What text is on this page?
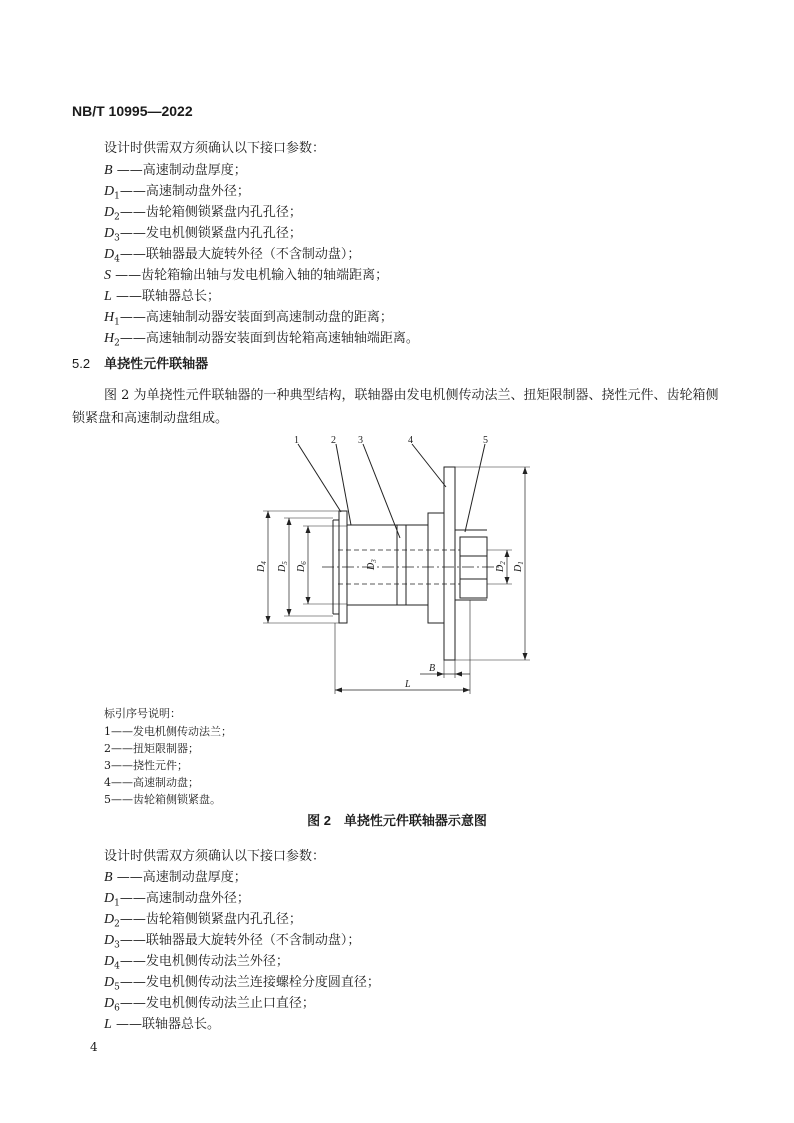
NB/T 10995—2022
设计时供需双方须确认以下接口参数：
B ——高速制动盘厚度；
$D_1——$高速制动盘外径；
$D_2——$齿轮箱侧锁紧盘内孔孔径；
$D_3——$发电机侧锁紧盘内孔孔径；
$D_4——$联轴器最大旋转外径（不含制动盘）；
S ——齿轮箱输出轴与发电机输入轴的轴端距离；
L ——联轴器总长；
$H_1——$高速轴制动器安装面到高速制动盘的距离；
$H_2——$高速轴制动器安装面到齿轮箱高速轴轴端距离。
5.2 单挠性元件联轴器
图 2 为单挠性元件联轴器的一种典型结构，联轴器由发电机侧传动法兰、扭矩限制器、挠性元件、齿轮箱侧锁紧盘和高速制动盘组成。
1	2 3	4	5
$D_4$
$D_5$
$D_6$	$D_3$
$D_2$
$D_1$
B
L
标引序号说明：
1——发电机侧传动法兰；
2——扭矩限制器；
3——挠性元件；
4——高速制动盘；
5——齿轮箱侧锁紧盘。
图 2　单挠性元件联轴器示意图
设计时供需双方须确认以下接口参数：
B ——高速制动盘厚度；
$D_1——$高速制动盘外径；
$D_2——$齿轮箱侧锁紧盘内孔孔径；
$D_3——$联轴器最大旋转外径（不含制动盘）；
$D_4——$发电机侧传动法兰外径；
$D_5——$发电机侧传动法兰连接螺栓分度圆直径；
$D_6——$发电机侧传动法兰止口直径；
L ——联轴器总长。
4
